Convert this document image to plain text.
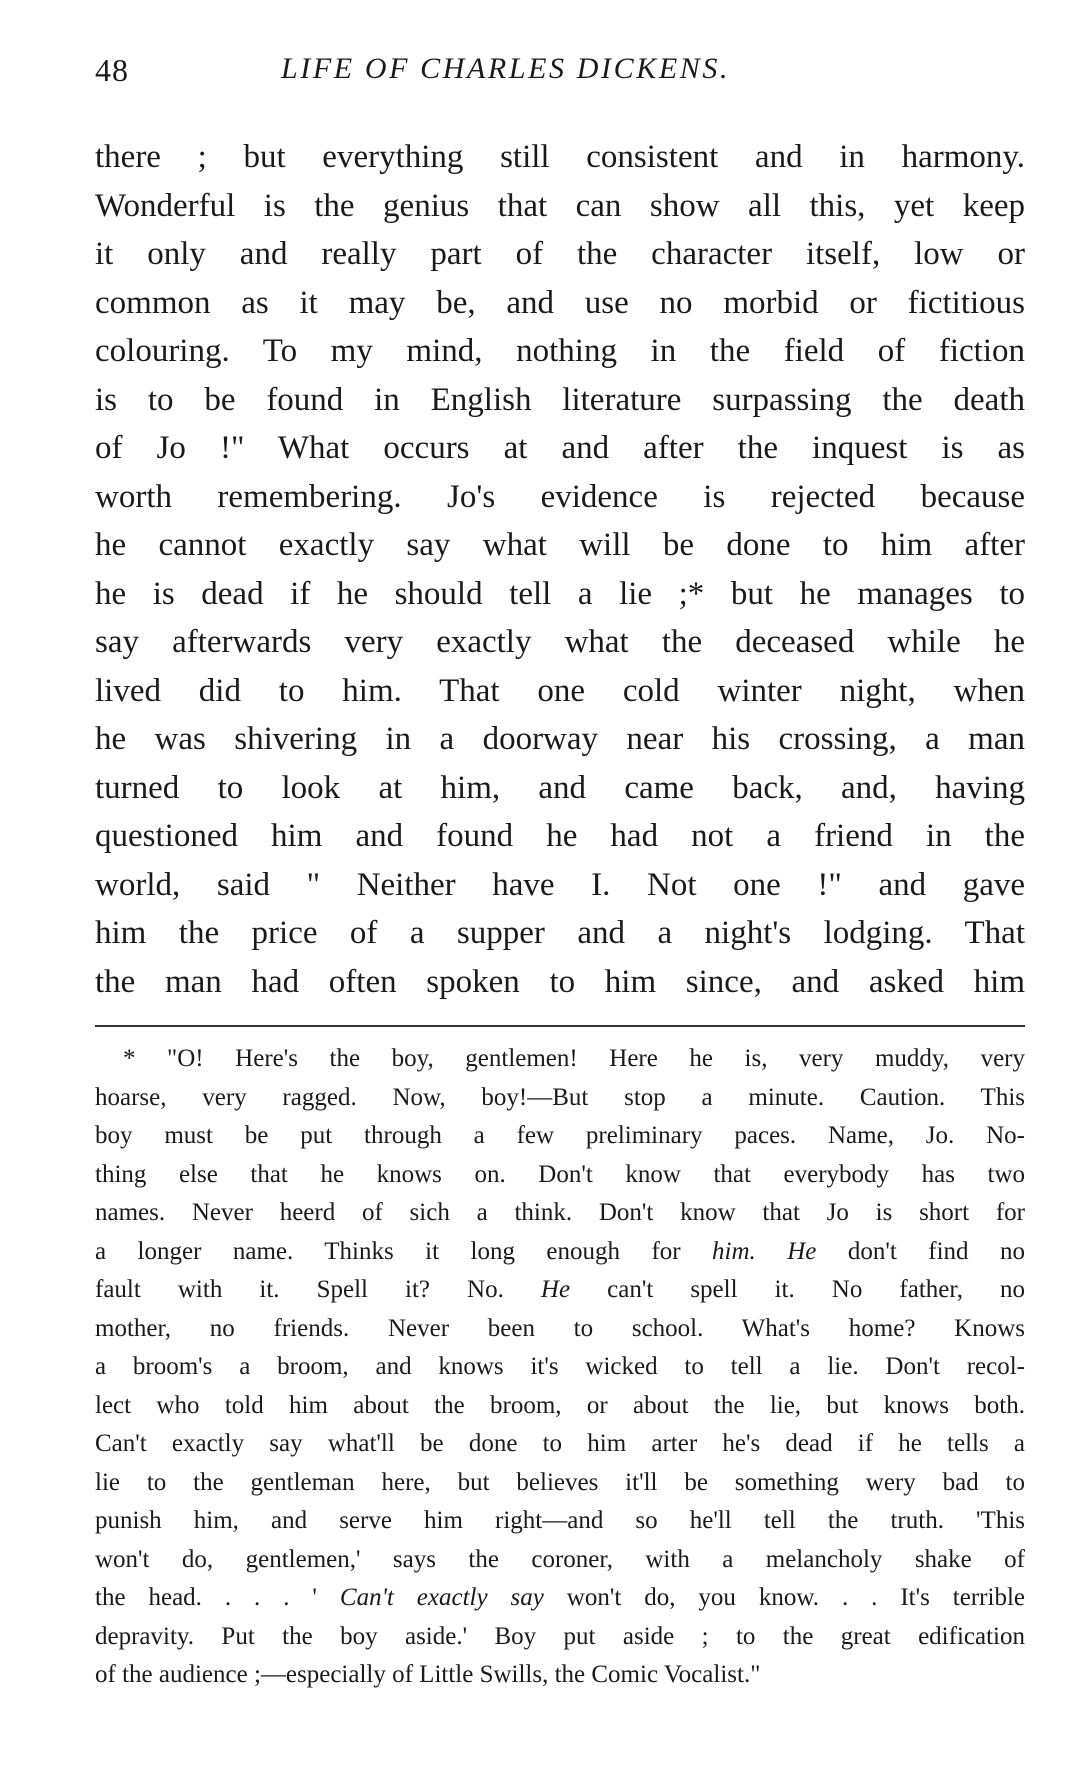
48	LIFE OF CHARLES DICKENS.
there ; but everything still consistent and in harmony.
Wonderful is the genius that can show all this, yet keep
it only and really part of the character itself, low or
common as it may be, and use no morbid or fictitious
colouring. To my mind, nothing in the field of fiction
is to be found in English literature surpassing the death
of Jo !" What occurs at and after the inquest is as
worth remembering. Jo's evidence is rejected because
he cannot exactly say what will be done to him after
he is dead if he should tell a lie ;* but he manages to
say afterwards very exactly what the deceased while he
lived did to him. That one cold winter night, when
he was shivering in a doorway near his crossing, a man
turned to look at him, and came back, and, having
questioned him and found he had not a friend in the
world, said " Neither have I. Not one !" and gave
him the price of a supper and a night's lodging. That
the man had often spoken to him since, and asked him
* "O! Here's the boy, gentlemen! Here he is, very muddy, very
hoarse, very ragged. Now, boy!—But stop a minute. Caution. This
boy must be put through a few preliminary paces. Name, Jo. No-
thing else that he knows on. Don't know that everybody has two
names. Never heerd of sich a think. Don't know that Jo is short for
a longer name. Thinks it long enough for him. He don't find no
fault with it. Spell it? No. He can't spell it. No father, no
mother, no friends. Never been to school. What's home? Knows
a broom's a broom, and knows it's wicked to tell a lie. Don't recol-
lect who told him about the broom, or about the lie, but knows both.
Can't exactly say what'll be done to him arter he's dead if he tells a
lie to the gentleman here, but believes it'll be something wery bad to
punish him, and serve him right—and so he'll tell the truth. 'This
won't do, gentlemen,' says the coroner, with a melancholy shake of
the head. . . . ' Can't exactly say won't do, you know. . . It's terrible
depravity. Put the boy aside.' Boy put aside ; to the great edification
of the audience ;—especially of Little Swills, the Comic Vocalist."
